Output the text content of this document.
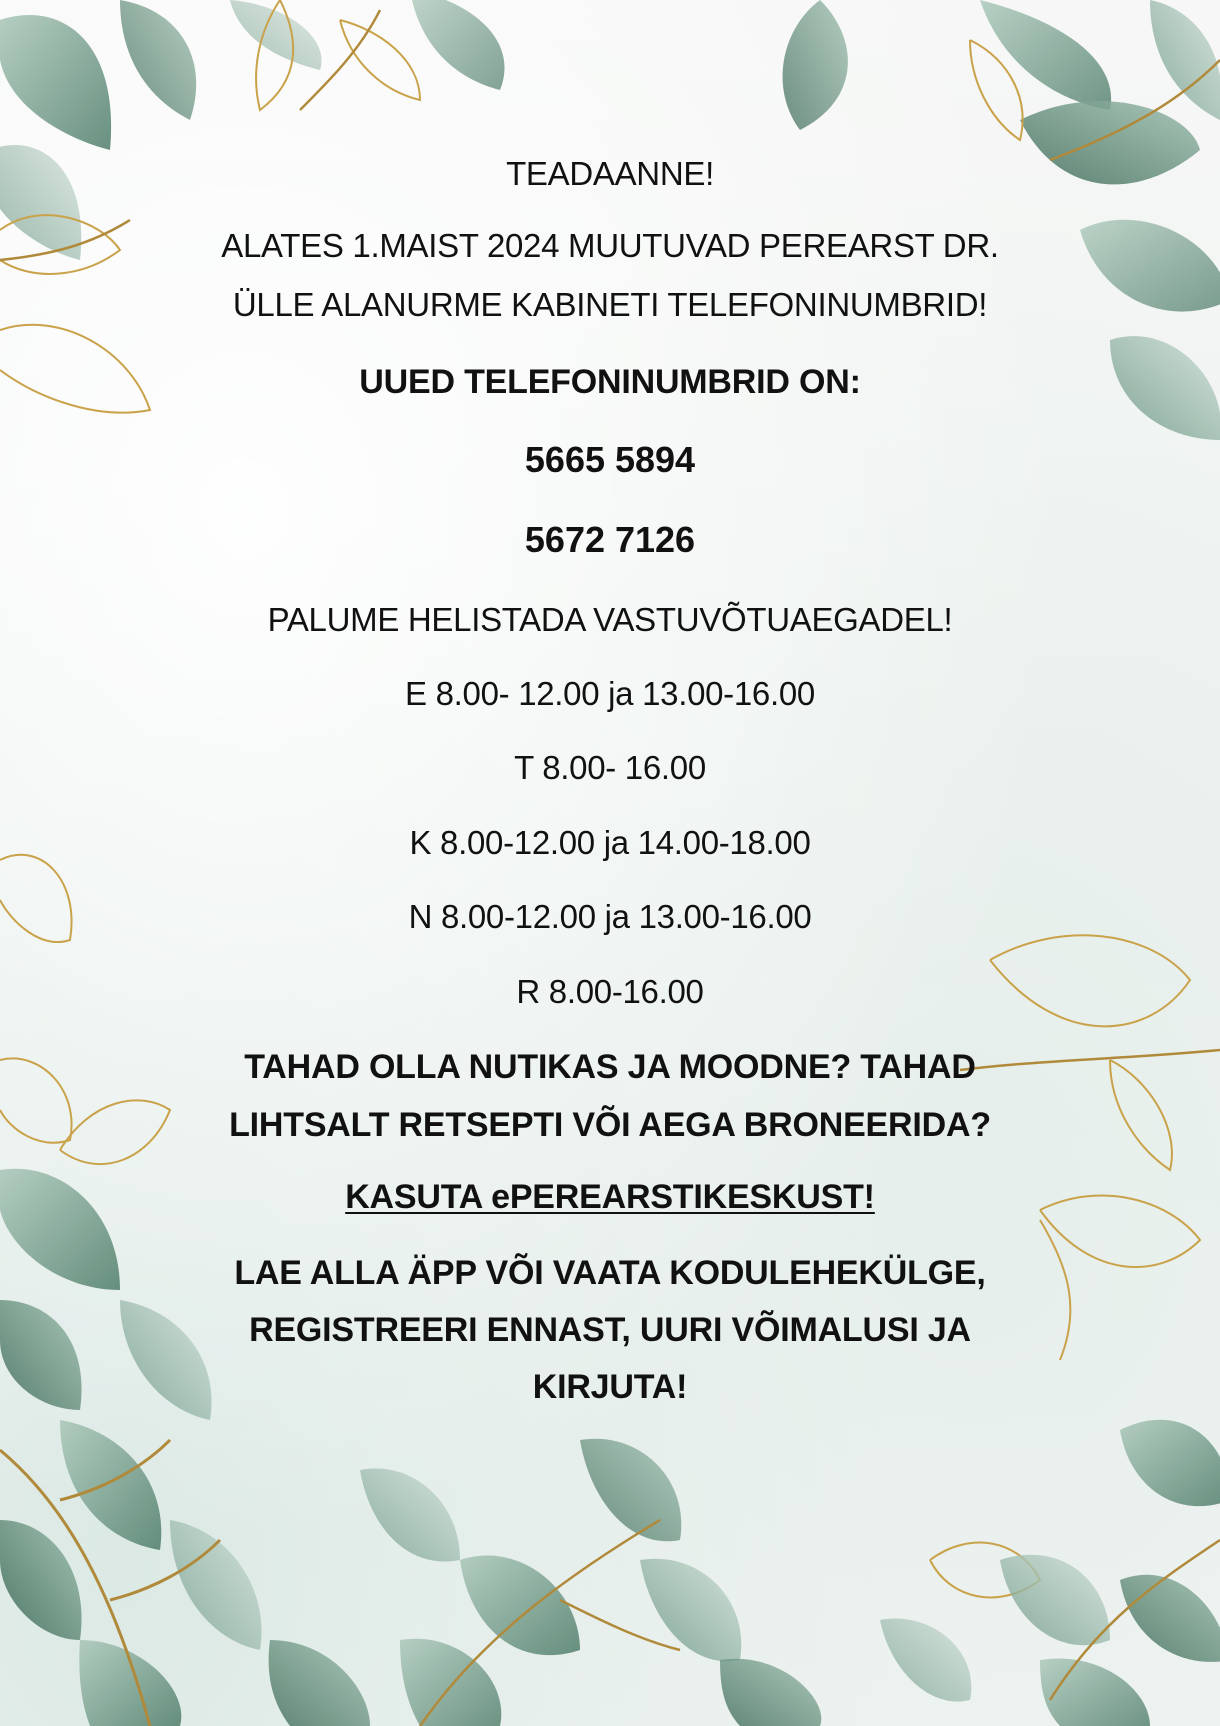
TEADAANNE!
ALATES 1.MAIST 2024 MUUTUVAD PEREARST DR.
ÜLLE ALANURME KABINETI TELEFONINUMBRID!
UUED TELEFONINUMBRID ON:
5665 5894
5672 7126
PALUME HELISTADA VASTUVÕTUAEGADEL!
E 8.00- 12.00 ja 13.00-16.00
T 8.00- 16.00
K 8.00-12.00 ja 14.00-18.00
N 8.00-12.00 ja 13.00-16.00
R 8.00-16.00
TAHAD OLLA NUTIKAS JA MOODNE? TAHAD
LIHTSALT RETSEPTI VÕI AEGA BRONEERIDA?
KASUTA ePEREARSTIKESKUST!
LAE ALLA ÄPP VÕI VAATA KODULEHEKÜLGE,
REGISTREERI ENNAST, UURI VÕIMALUSI JA
KIRJUTA!
